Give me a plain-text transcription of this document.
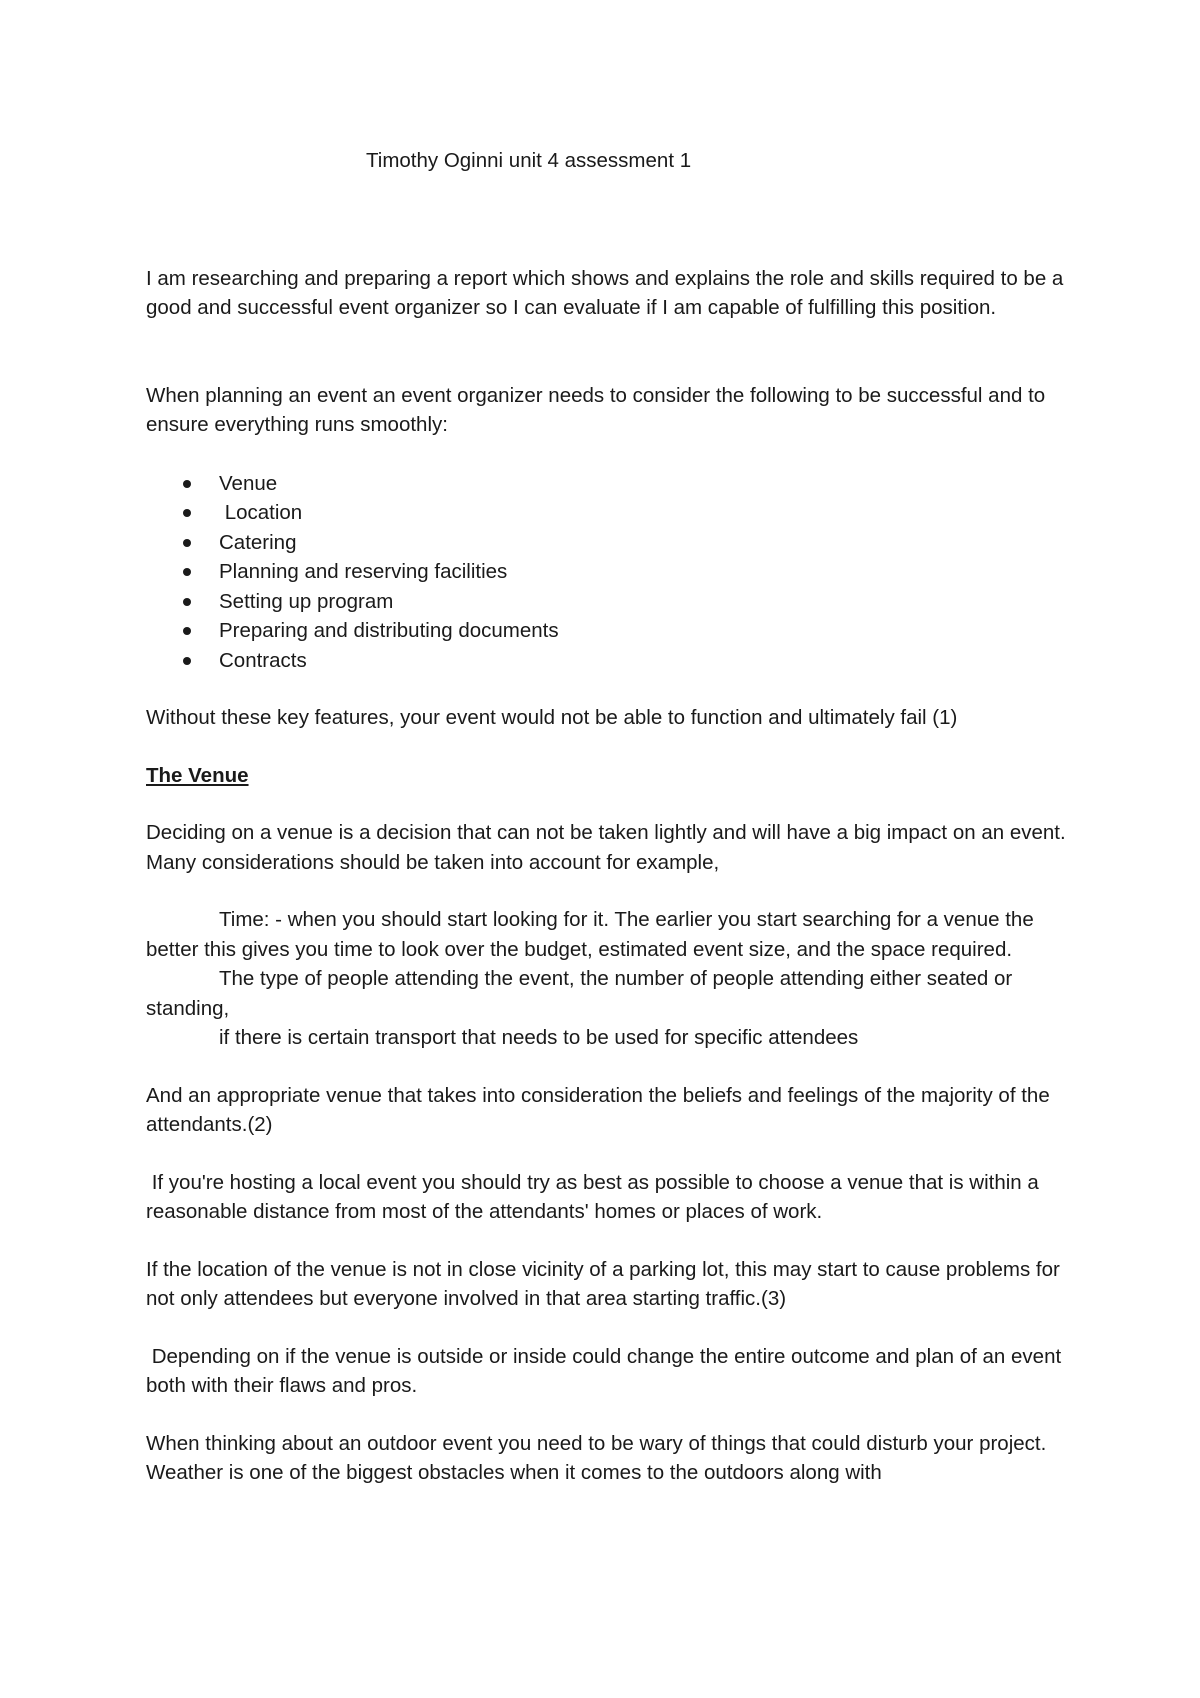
Timothy Oginni unit 4 assessment 1

I am researching and preparing a report which shows and explains the role and skills required to be a good and successful event organizer so I can evaluate if I am capable of fulfilling this position.

When planning an event an event organizer needs to consider the following to be successful and to ensure everything runs smoothly:

Venue
Location
Catering
Planning and reserving facilities
Setting up program
Preparing and distributing documents
Contracts

Without these key features, your event would not be able to function and ultimately fail (1)

The Venue

Deciding on a venue is a decision that can not be taken lightly and will have a big impact on an event. Many considerations should be taken into account for example,

Time: - when you should start looking for it. The earlier you start searching for a venue the better this gives you time to look over the budget, estimated event size, and the space required.

The type of people attending the event, the number of people attending either seated or standing,

if there is certain transport that needs to be used for specific attendees

And an appropriate venue that takes into consideration the beliefs and feelings of the majority of the attendants.(2)

If you're hosting a local event you should try as best as possible to choose a venue that is within a reasonable distance from most of the attendants' homes or places of work.

If the location of the venue is not in close vicinity of a parking lot, this may start to cause problems for not only attendees but everyone involved in that area starting traffic.(3)

Depending on if the venue is outside or inside could change the entire outcome and plan of an event both with their flaws and pros.

When thinking about an outdoor event you need to be wary of things that could disturb your project. Weather is one of the biggest obstacles when it comes to the outdoors along with
